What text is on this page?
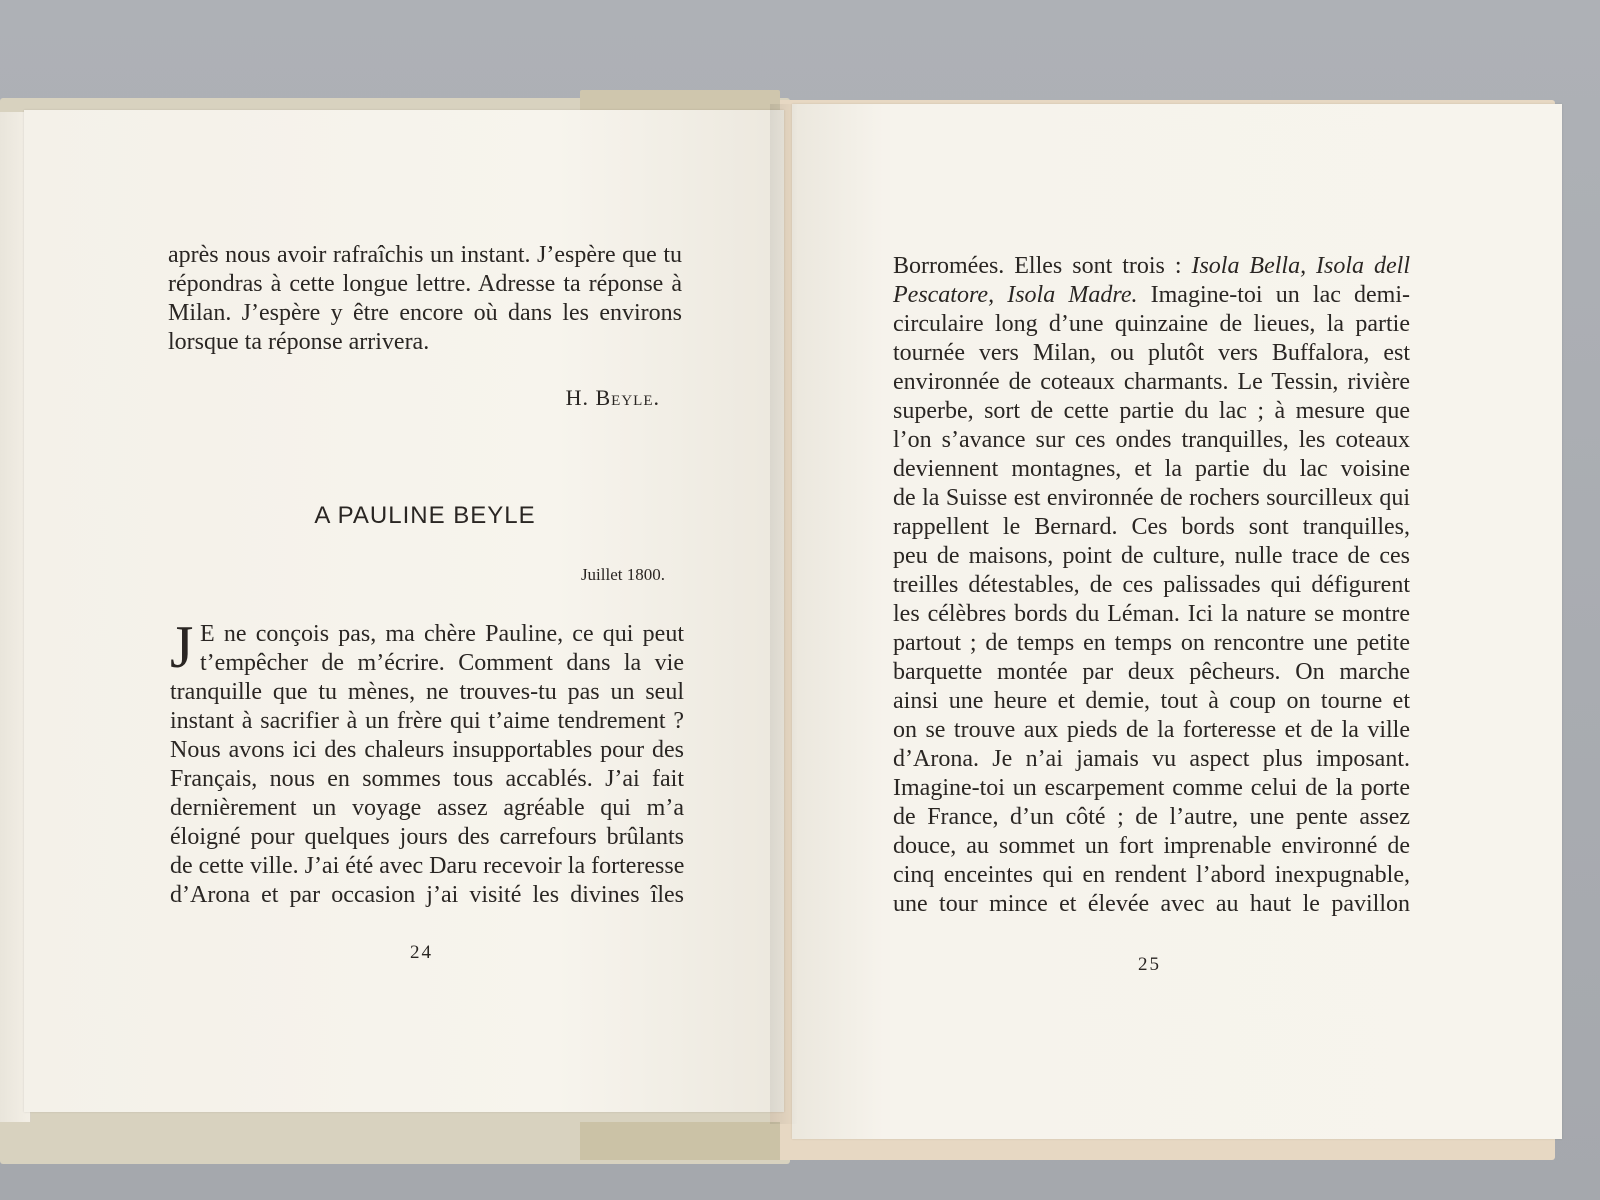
après nous avoir rafraîchis un instant. J’espère que tu
répondras à cette longue lettre. Adresse ta réponse à
Milan. J’espère y être encore où dans les environs
lorsque ta réponse arrivera.
H. Beyle.
A PAULINE BEYLE
Juillet 1800.
J E ne conçois pas, ma chère Pauline, ce qui peut
t’empêcher de m’écrire. Comment dans la vie
tranquille que tu mènes, ne trouves-tu pas un seul
instant à sacrifier à un frère qui t’aime tendrement ?
Nous avons ici des chaleurs insupportables pour des
Français, nous en sommes tous accablés. J’ai fait
dernièrement un voyage assez agréable qui m’a
éloigné pour quelques jours des carrefours brûlants
de cette ville. J’ai été avec Daru recevoir la forteresse
d’Arona et par occasion j’ai visité les divines îles
24
Borromées. Elles sont trois : Isola Bella, Isola dell
Pescatore, Isola Madre. Imagine-toi un lac demi-
circulaire long d’une quinzaine de lieues, la partie
tournée vers Milan, ou plutôt vers Buffalora, est
environnée de coteaux charmants. Le Tessin, rivière
superbe, sort de cette partie du lac ; à mesure que
l’on s’avance sur ces ondes tranquilles, les coteaux
deviennent montagnes, et la partie du lac voisine
de la Suisse est environnée de rochers sourcilleux qui
rappellent le Bernard. Ces bords sont tranquilles,
peu de maisons, point de culture, nulle trace de ces
treilles détestables, de ces palissades qui défigurent
les célèbres bords du Léman. Ici la nature se montre
partout ; de temps en temps on rencontre une petite
barquette montée par deux pêcheurs. On marche
ainsi une heure et demie, tout à coup on tourne et
on se trouve aux pieds de la forteresse et de la ville
d’Arona. Je n’ai jamais vu aspect plus imposant.
Imagine-toi un escarpement comme celui de la porte
de France, d’un côté ; de l’autre, une pente assez
douce, au sommet un fort imprenable environné de
cinq enceintes qui en rendent l’abord inexpugnable,
une tour mince et élevée avec au haut le pavillon
25
